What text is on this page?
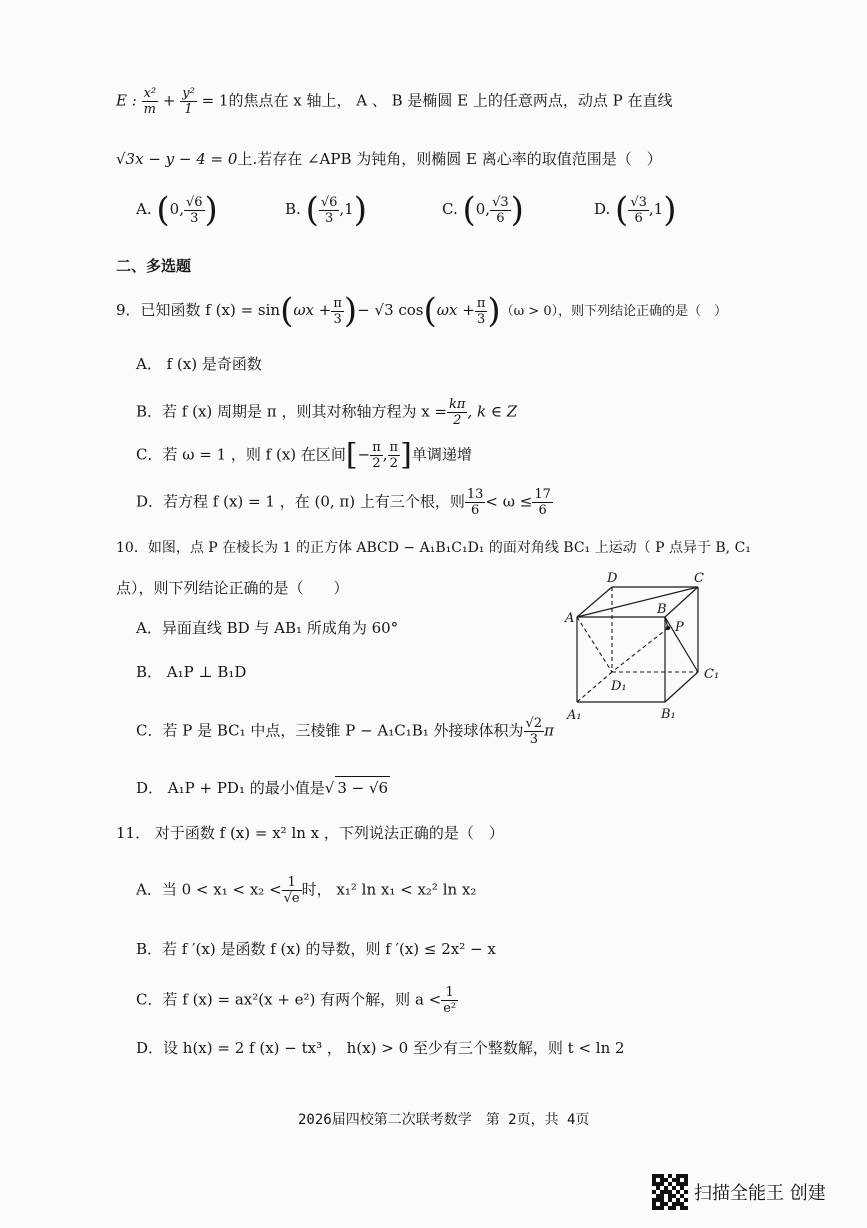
E : $\frac{\text{x²}}{m} + \frac{\text{y²}}{1} = 1$的焦点在 x 轴上， A 、 B 是椭圆 E 上的任意两点，动点 P 在直线
√3x − y − 4 = 0上.若存在 ∠APB 为钝角，则椭圆 E 离心率的取值范围是（　）
A. (0, $\frac{√6}{3}$ )	B. ( $\frac{√6}{3} ,1$)	C. (0, $\frac{√3}{6}$ )	D. ( $\frac{√3}{6} ,1$)
二、多选题
9．已知函数 f $(x) = \sin(\omega x + \frac{\pi}{3}$ )− √3 $\cos(\omega x + \frac{\pi}{3} )(\omega > 0)$，则下列结论正确的是（　）
A． f (x) 是奇函数
B．若 f (x) 周期是 π ，则其对称轴方程为 $x = \frac{k\pi}{2}$ , k ∈ Z
C．若 ω = 1 ，则 f (x) 在区间[− $\frac{\pi}{2}$ , $\frac{\pi}{2}$ ]单调递增
D．若方程 f (x) = 1 ，在 (0, π) 上有三个根，则 $\frac{13}{6} < \omega \le \frac{17}{6}$
10．如图，点 P 在棱长为 1 的正方体 ABCD − A₁B₁C₁D₁ 的面对角线 BC₁ 上运动（ P 点异于 B, C₁
点），则下列结论正确的是（　　）
A．异面直线 BD 与 AB₁ 所成角为 60°
B． A₁P ⊥ B₁D
C．若 P 是 BC₁ 中点，三棱锥 P − A₁C₁B₁ 外接球体积为 $\frac{√2}{3}$ π
D． A₁P + PD₁ 的最小值是√ 3 − √6
D	C
A
B
P
D₁
C₁
A₁	B₁
11． 对于函数 f (x) = x² ln x ，下列说法正确的是（　）
A．当 $0 < x_1 < x_2 < \frac{1}{√e}$ 时， x₁² ln x₁ < x₂² ln x₂
B．若 f ′(x) 是函数 f (x) 的导数，则 f ′(x) ≤ 2x² − x
C．若 f (x) = ax²(x + e²) 有两个解，则 $a < \frac{1}{\text{e²}}$
D．设 h(x) = 2 f (x) − tx³ ， h(x) > 0 至少有三个整数解，则 t < ln 2
2026届四校第二次联考数学　第 2页，共 4页
扫描全能王 创建
